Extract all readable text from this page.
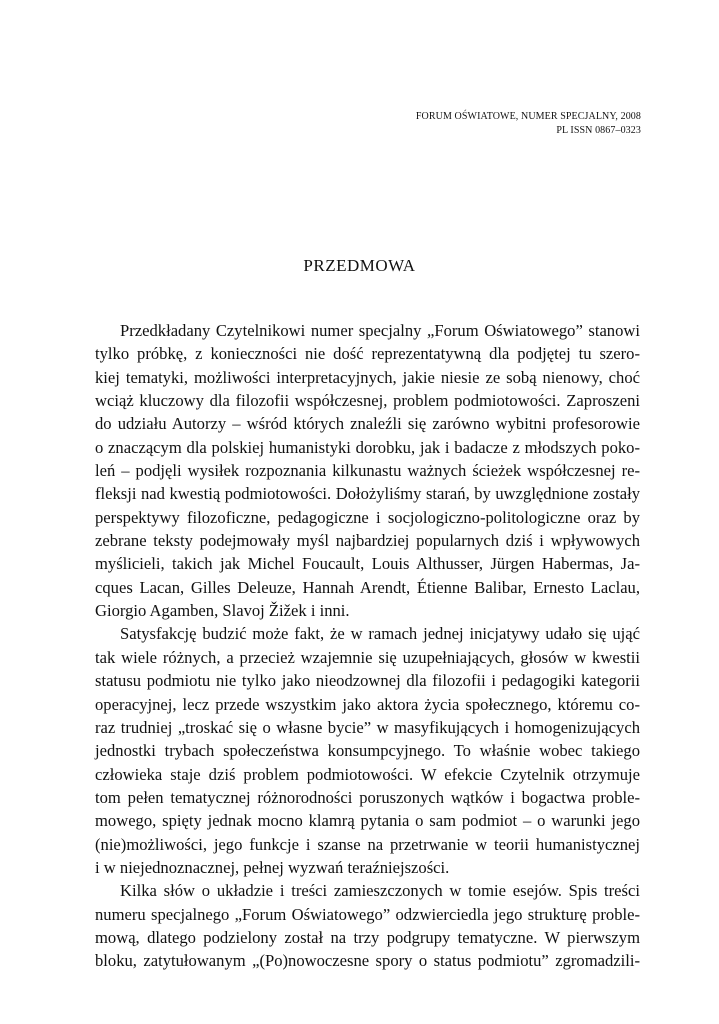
FORUM OŚWIATOWE, NUMER SPECJALNY, 2008
PL ISSN 0867–0323
PRZEDMOWA
Przedkładany Czytelnikowi numer specjalny „Forum Oświatowego” stanowi
tylko próbkę, z konieczności nie dość reprezentatywną dla podjętej tu szero-
kiej tematyki, możliwości interpretacyjnych, jakie niesie ze sobą nienowy, choć
wciąż kluczowy dla filozofii współczesnej, problem podmiotowości. Zaproszeni
do udziału Autorzy – wśród których znaleźli się zarówno wybitni profesorowie
o znaczącym dla polskiej humanistyki dorobku, jak i badacze z młodszych poko-
leń – podjęli wysiłek rozpoznania kilkunastu ważnych ścieżek współczesnej re-
fleksji nad kwestią podmiotowości. Dołożyliśmy starań, by uwzględnione zostały
perspektywy filozoficzne, pedagogiczne i socjologiczno-politologiczne oraz by
zebrane teksty podejmowały myśl najbardziej popularnych dziś i wpływowych
myślicieli, takich jak Michel Foucault, Louis Althusser, Jürgen Habermas, Ja-
cques Lacan, Gilles Deleuze, Hannah Arendt, Étienne Balibar, Ernesto Laclau,
Giorgio Agamben, Slavoj Žižek i inni.
Satysfakcję budzić może fakt, że w ramach jednej inicjatywy udało się ująć
tak wiele różnych, a przecież wzajemnie się uzupełniających, głosów w kwestii
statusu podmiotu nie tylko jako nieodzownej dla filozofii i pedagogiki kategorii
operacyjnej, lecz przede wszystkim jako aktora życia społecznego, któremu co-
raz trudniej „troskać się o własne bycie” w masyfikujących i homogenizujących
jednostki trybach społeczeństwa konsumpcyjnego. To właśnie wobec takiego
człowieka staje dziś problem podmiotowości. W efekcie Czytelnik otrzymuje
tom pełen tematycznej różnorodności poruszonych wątków i bogactwa proble-
mowego, spięty jednak mocno klamrą pytania o sam podmiot – o warunki jego
(nie)możliwości, jego funkcje i szanse na przetrwanie w teorii humanistycznej
i w niejednoznacznej, pełnej wyzwań teraźniejszości.
Kilka słów o układzie i treści zamieszczonych w tomie esejów. Spis treści
numeru specjalnego „Forum Oświatowego” odzwierciedla jego strukturę proble-
mową, dlatego podzielony został na trzy podgrupy tematyczne. W pierwszym
bloku, zatytułowanym „(Po)nowoczesne spory o status podmiotu” zgromadzili-
